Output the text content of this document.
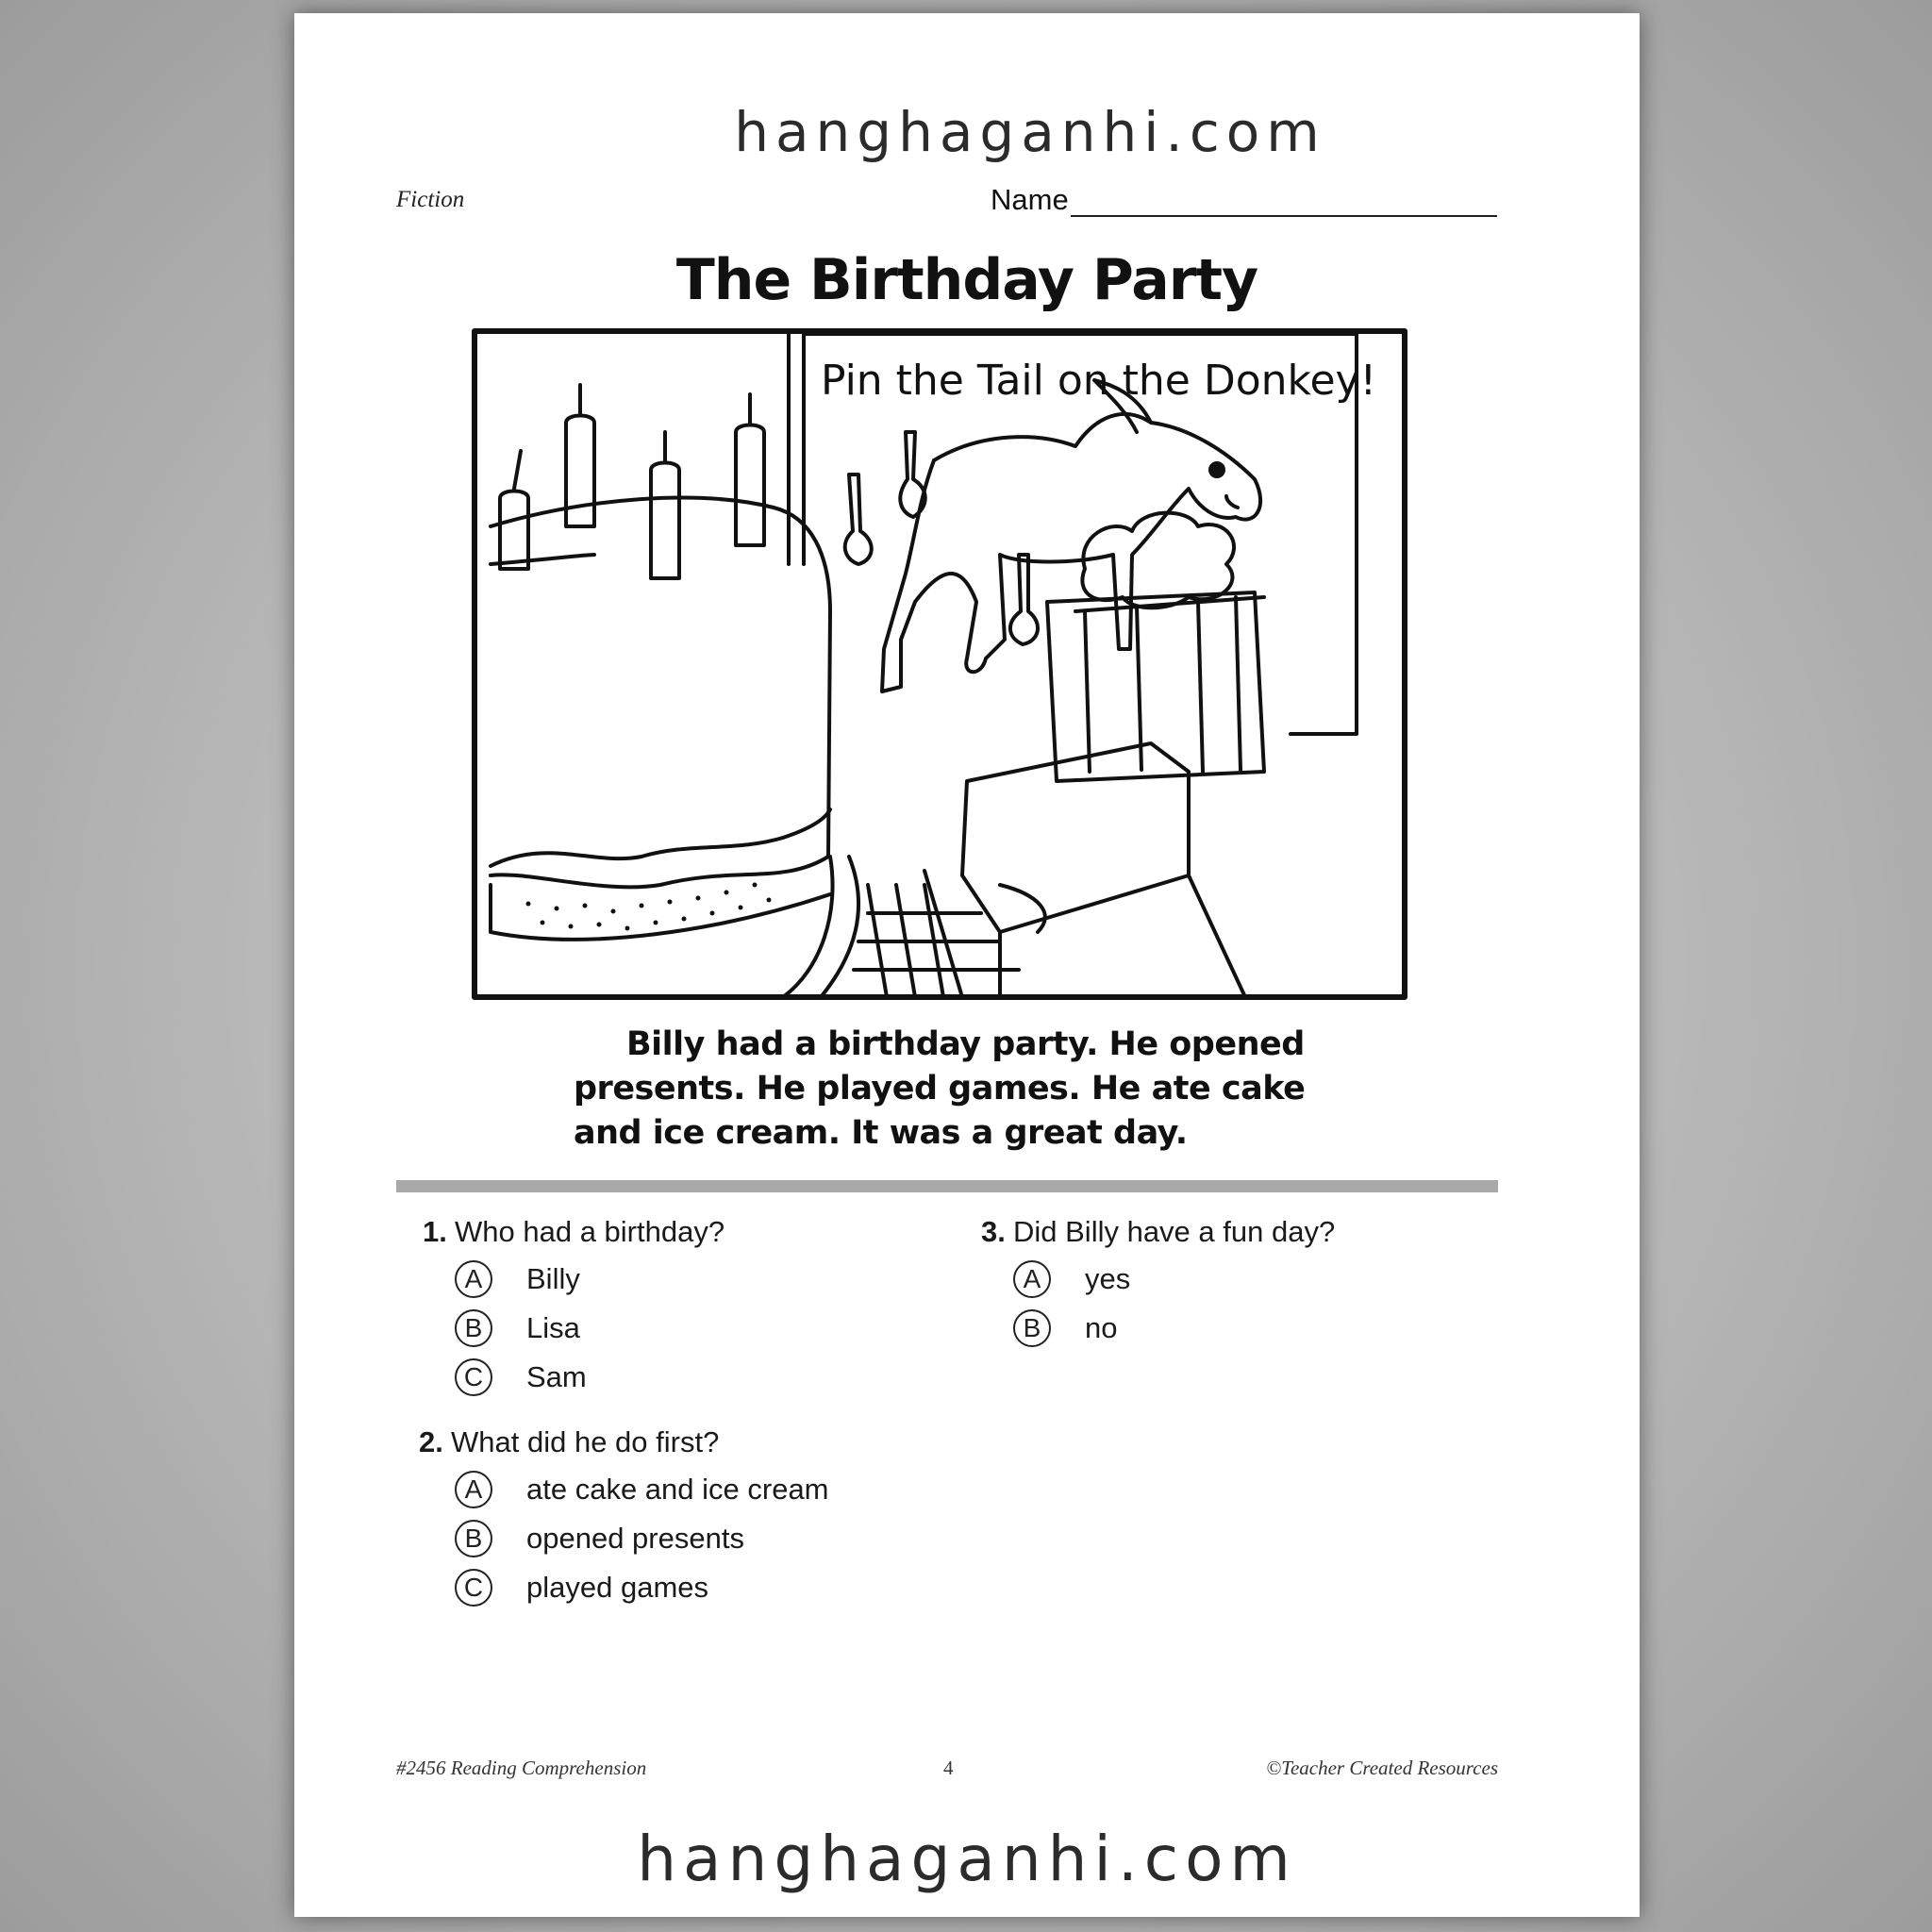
hanghaganhi.com
Fiction	Name
The Birthday Party
Pin the Tail on the Donkey!
Billy had a birthday party. He opened
presents. He played games. He ate cake
and ice cream. It was a great day.
1. Who had a birthday?
A	Billy
B	Lisa
C	Sam
2. What did he do first?
A	ate cake and ice cream
B	opened presents
C	played games
3. Did Billy have a fun day?
A	yes
B	no
#2456 Reading Comprehension	4	©Teacher Created Resources
hanghaganhi.com
